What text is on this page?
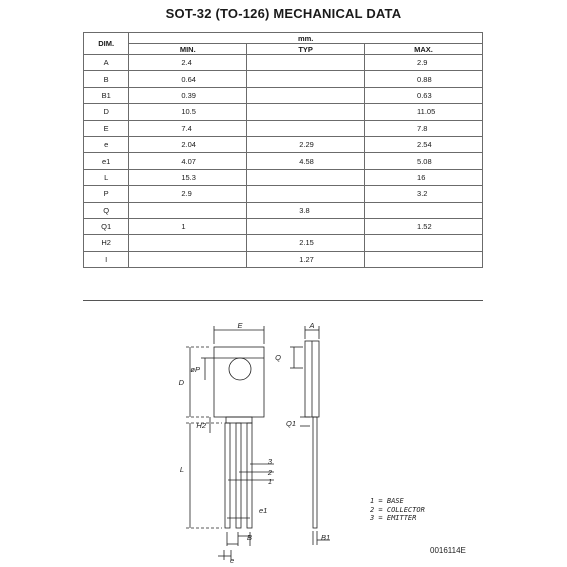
SOT-32 (TO-126) MECHANICAL DATA
DIM.	mm.		
	MIN.	TYP	MAX.
A	2.4		2.9
B	0.64		0.88
B1	0.39		0.63
D	10.5		11.05
E	7.4		7.8
e	2.04	2.29	2.54
e1	4.07	4.58	5.08
L	15.3		16
P	2.9		3.2
Q		3.8	
Q1	1		1.52
H2		2.15	
I		1.27	
E	A
Q
øP
D
H2	Q1
L
3
2
1
e1
B	B1
e
1 = BASE
2 = COLLECTOR
3 = EMITTER
0016114E
